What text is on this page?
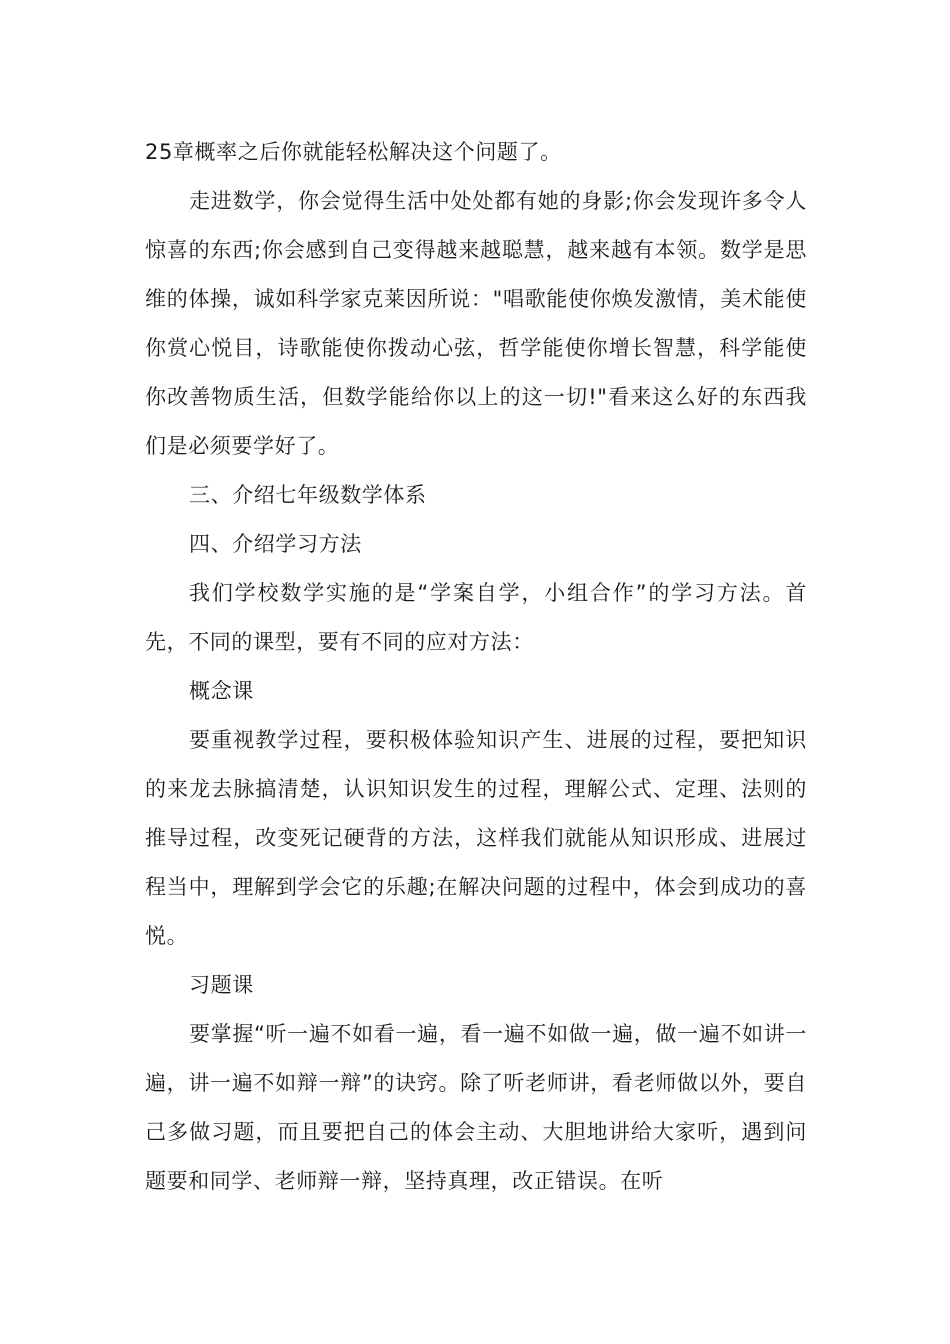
25章概率之后你就能轻松解决这个问题了。

走进数学，你会觉得生活中处处都有她的身影;你会发现许多令人惊喜的东西;你会感到自己变得越来越聪慧，越来越有本领。数学是思维的体操，诚如科学家克莱因所说："唱歌能使你焕发激情，美术能使你赏心悦目，诗歌能使你拨动心弦，哲学能使你增长智慧，科学能使你改善物质生活，但数学能给你以上的这一切!"看来这么好的东西我们是必须要学好了。

三、介绍七年级数学体系

四、介绍学习方法

我们学校数学实施的是“学案自学，小组合作”的学习方法。首先，不同的课型，要有不同的应对方法：

概念课

要重视教学过程，要积极体验知识产生、进展的过程，要把知识的来龙去脉搞清楚，认识知识发生的过程，理解公式、定理、法则的推导过程，改变死记硬背的方法，这样我们就能从知识形成、进展过程当中，理解到学会它的乐趣;在解决问题的过程中，体会到成功的喜悦。

习题课

要掌握“听一遍不如看一遍，看一遍不如做一遍，做一遍不如讲一遍，讲一遍不如辩一辩”的诀窍。除了听老师讲，看老师做以外，要自己多做习题，而且要把自己的体会主动、大胆地讲给大家听，遇到问题要和同学、老师辩一辩，坚持真理，改正错误。在听
